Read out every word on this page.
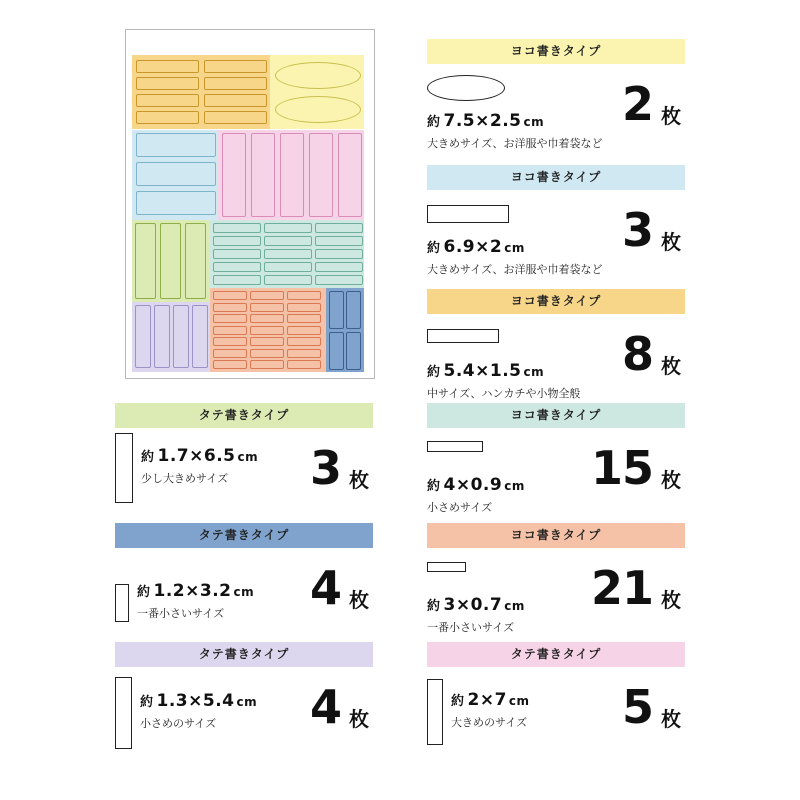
ヨコ書きタイプ
約 7.5×2.5 cm
大きめサイズ、お洋服や巾着袋など
2 枚
ヨコ書きタイプ
約 6.9×2 cm
大きめサイズ、お洋服や巾着袋など
3 枚
ヨコ書きタイプ
約 5.4×1.5 cm
中サイズ、ハンカチや小物全般
8 枚
ヨコ書きタイプ
約 4×0.9 cm
小さめサイズ
15 枚
ヨコ書きタイプ
約 3×0.7 cm
一番小さいサイズ
21 枚
タテ書きタイプ
約 2×7 cm
大きめのサイズ	5 枚
タテ書きタイプ
約 1.7×6.5 cm
少し大きめサイズ	3 枚
タテ書きタイプ
約 1.2×3.2 cm
一番小さいサイズ	4 枚
タテ書きタイプ
約 1.3×5.4 cm
小さめのサイズ	4 枚
